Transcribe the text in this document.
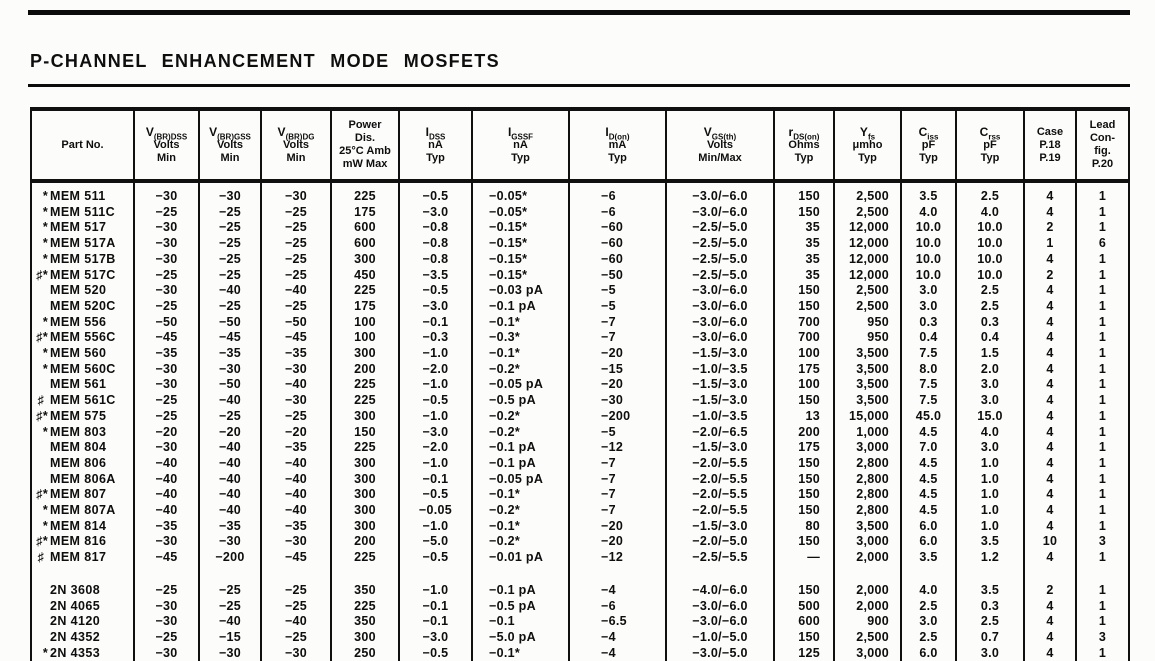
P-CHANNEL ENHANCEMENT MODE MOSFETS
Part No.	$V_{(BR)DSS}$
Volts
Min	$V_{(BR)GSS}$
Volts
Min	$V_{(BR)DG}$
Volts
Min	Power
Dis.
25°C Amb
mW Max	$I_{DSS}$
nA
Typ	$I_{GSSF}$
nA
Typ	$I_{D(on)}$
mA
Typ	$V_{GS(th)}$
Volts
Min/Max	$r_{DS(on)}$
Ohms
Typ	$Y_{fs}$
μmho
Typ	$C_{iss}$
pF
Typ	$C_{rss}$
pF
Typ	Case
P.18
P.19	Lead
Con-
fig.
P.20

* MEM 511	−30	−30	−30	225	−0.5	−0.05*	−6	−3.0/−6.0	150	2,500	3.5	2.5	4	1
* MEM 511C	−25	−25	−25	175	−3.0	−0.05*	−6	−3.0/−6.0	150	2,500	4.0	4.0	4	1
* MEM 517	−30	−25	−25	600	−0.8	−0.15*	−60	−2.5/−5.0	35	12,000	10.0	10.0	2	1
* MEM 517A	−30	−25	−25	600	−0.8	−0.15*	−60	−2.5/−5.0	35	12,000	10.0	10.0	1	6
* MEM 517B	−30	−25	−25	300	−0.8	−0.15*	−60	−2.5/−5.0	35	12,000	10.0	10.0	4	1
♯* MEM 517C	−25	−25	−25	450	−3.5	−0.15*	−50	−2.5/−5.0	35	12,000	10.0	10.0	2	1
MEM 520	−30	−40	−40	225	−0.5	−0.03 pA	−5	−3.0/−6.0	150	2,500	3.0	2.5	4	1
MEM 520C	−25	−25	−25	175	−3.0	−0.1 pA	−5	−3.0/−6.0	150	2,500	3.0	2.5	4	1
* MEM 556	−50	−50	−50	100	−0.1	−0.1*	−7	−3.0/−6.0	700	950	0.3	0.3	4	1
♯* MEM 556C	−45	−45	−45	100	−0.3	−0.3*	−7	−3.0/−6.0	700	950	0.4	0.4	4	1
* MEM 560	−35	−35	−35	300	−1.0	−0.1*	−20	−1.5/−3.0	100	3,500	7.5	1.5	4	1
* MEM 560C	−30	−30	−30	200	−2.0	−0.2*	−15	−1.0/−3.5	175	3,500	8.0	2.0	4	1
MEM 561	−30	−50	−40	225	−1.0	−0.05 pA	−20	−1.5/−3.0	100	3,500	7.5	3.0	4	1
♯ MEM 561C	−25	−40	−30	225	−0.5	−0.5 pA	−30	−1.5/−3.0	150	3,500	7.5	3.0	4	1
♯* MEM 575	−25	−25	−25	300	−1.0	−0.2*	−200	−1.0/−3.5	13	15,000	45.0	15.0	4	1
* MEM 803	−20	−20	−20	150	−3.0	−0.2*	−5	−2.0/−6.5	200	1,000	4.5	4.0	4	1
MEM 804	−30	−40	−35	225	−2.0	−0.1 pA	−12	−1.5/−3.0	175	3,000	7.0	3.0	4	1
MEM 806	−40	−40	−40	300	−1.0	−0.1 pA	−7	−2.0/−5.5	150	2,800	4.5	1.0	4	1
MEM 806A	−40	−40	−40	300	−0.1	−0.05 pA	−7	−2.0/−5.5	150	2,800	4.5	1.0	4	1
♯* MEM 807	−40	−40	−40	300	−0.5	−0.1*	−7	−2.0/−5.5	150	2,800	4.5	1.0	4	1
* MEM 807A	−40	−40	−40	300	−0.05	−0.2*	−7	−2.0/−5.5	150	2,800	4.5	1.0	4	1
* MEM 814	−35	−35	−35	300	−1.0	−0.1*	−20	−1.5/−3.0	80	3,500	6.0	1.0	4	1
♯* MEM 816	−30	−30	−30	200	−5.0	−0.2*	−20	−2.0/−5.0	150	3,000	6.0	3.5	10	3
♯ MEM 817	−45	−200	−45	225	−0.5	−0.01 pA	−12	−2.5/−5.5	—	2,000	3.5	1.2	4	1

2N 3608	−25	−25	−25	350	−1.0	−0.1 pA	−4	−4.0/−6.0	150	2,000	4.0	3.5	2	1
2N 4065	−30	−25	−25	225	−0.1	−0.5 pA	−6	−3.0/−6.0	500	2,000	2.5	0.3	4	1
2N 4120	−30	−40	−40	350	−0.1	−0.1	−6.5	−3.0/−6.0	600	900	3.0	2.5	4	1
2N 4352	−25	−15	−25	300	−3.0	−5.0 pA	−4	−1.0/−5.0	150	2,500	2.5	0.7	4	3
* 2N 4353	−30	−30	−30	250	−0.5	−0.1*	−4	−3.0/−5.0	125	3,000	6.0	3.0	4	1
